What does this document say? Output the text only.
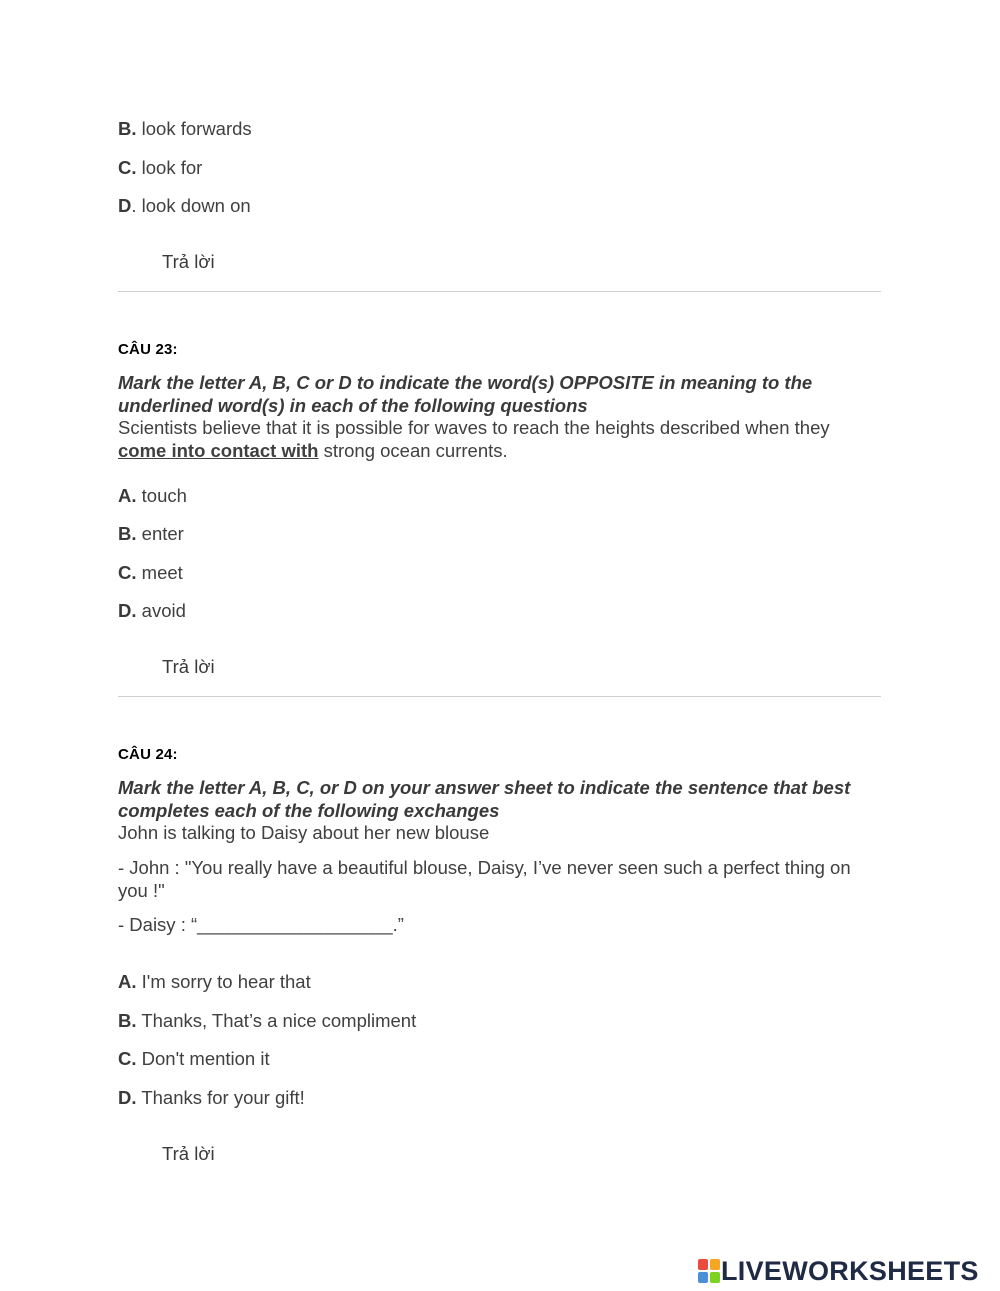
B. look forwards
C. look for
D. look down on
Trả lời
CÂU 23:
Mark the letter A, B, C or D to indicate the word(s) OPPOSITE in meaning to the underlined word(s) in each of the following questions
Scientists believe that it is possible for waves to reach the heights described when they come into contact with strong ocean currents.
A. touch
B. enter
C. meet
D. avoid
Trả lời
CÂU 24:
Mark the letter A, B, C, or D on your answer sheet to indicate the sentence that best completes each of the following exchanges
John is talking to Daisy about her new blouse
- John : "You really have a beautiful blouse, Daisy, I’ve never seen such a perfect thing on you !"
- Daisy : “___________________.”
A. I'm sorry to hear that
B. Thanks, That’s a nice compliment
C. Don't mention it
D. Thanks for your gift!
Trả lời
LIVEWORKSHEETS
